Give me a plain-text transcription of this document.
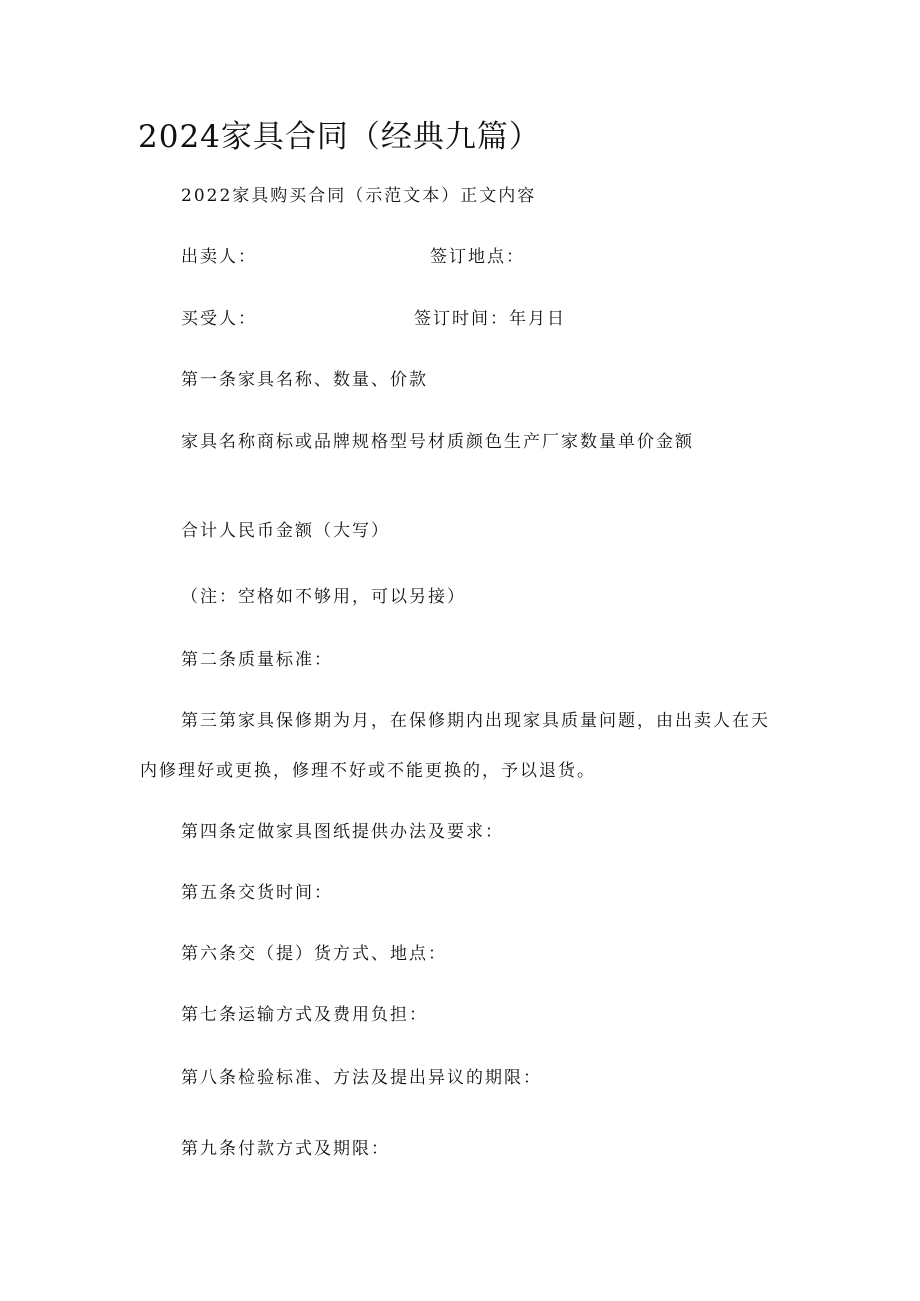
2024家具合同（经典九篇）
2022家具购买合同（示范文本）正文内容
出卖人：	签订地点：
买受人：	签订时间：年月日
第一条家具名称、数量、价款
家具名称商标或品牌规格型号材质颜色生产厂家数量单价金额
合计人民币金额（大写）
（注：空格如不够用，可以另接）
第二条质量标准：
第三第家具保修期为月，在保修期内出现家具质量问题，由出卖人在天
内修理好或更换，修理不好或不能更换的，予以退货。
第四条定做家具图纸提供办法及要求：
第五条交货时间：
第六条交（提）货方式、地点：
第七条运输方式及费用负担：
第八条检验标准、方法及提出异议的期限：
第九条付款方式及期限：
